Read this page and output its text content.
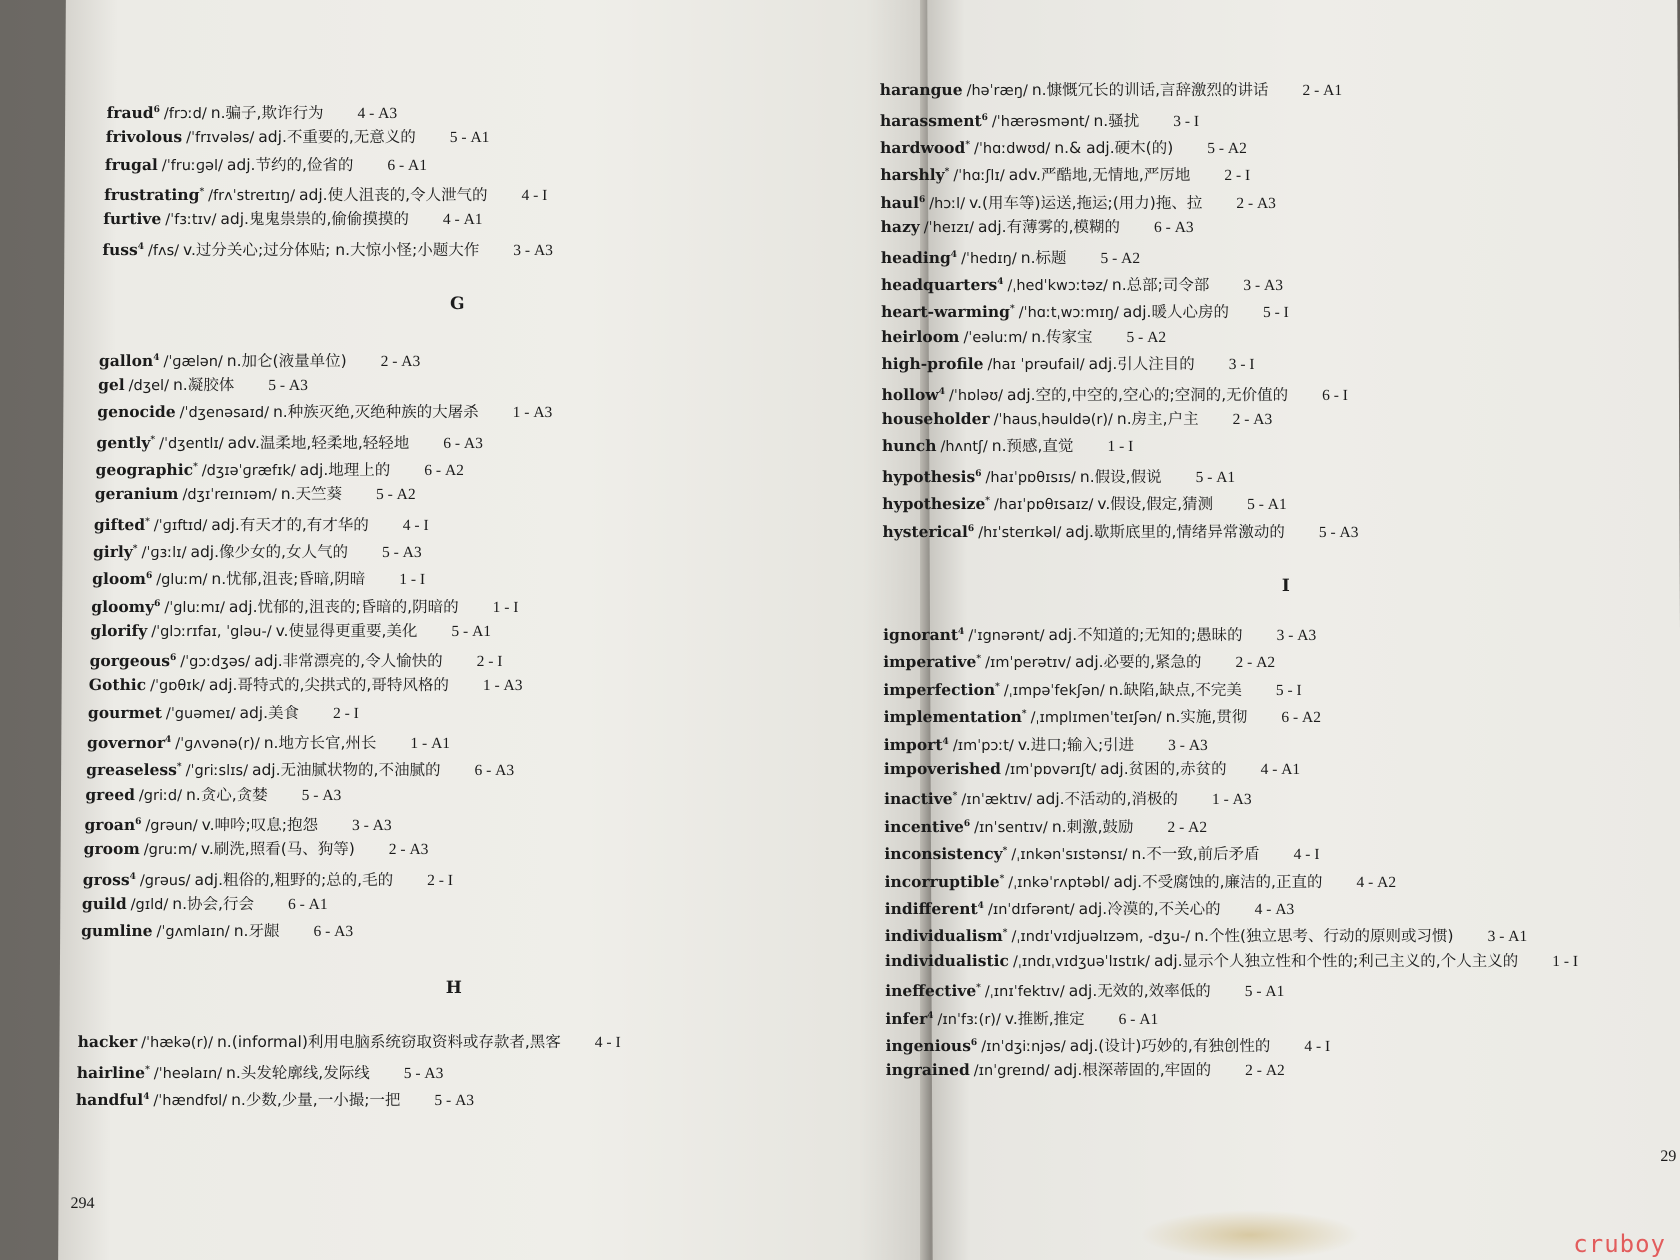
fraud$^6$ /frɔːd/ n.骗子,欺诈行为 4 - A3
frivolous /ˈfrɪvələs/ adj.不重要的,无意义的 5 - A1
frugal /ˈfruːɡəl/ adj.节约的,俭省的 6 - A1
frustrating* /frʌˈstreɪtɪŋ/ adj.使人沮丧的,令人泄气的 4 - I
furtive /ˈfɜːtɪv/ adj.鬼鬼祟祟的,偷偷摸摸的 4 - A1
fuss$^4$ /fʌs/ v.过分关心;过分体贴; n.大惊小怪;小题大作 3 - A3
G
gallon$^4$ /ˈɡælən/ n.加仑(液量单位) 2 - A3
gel /dʒel/ n.凝胶体 5 - A3
genocide /ˈdʒenəsaɪd/ n.种族灭绝,灭绝种族的大屠杀 1 - A3
gently* /ˈdʒentlɪ/ adv.温柔地,轻柔地,轻轻地 6 - A3
geographic* /dʒɪəˈɡræfɪk/ adj.地理上的 6 - A2
geranium /dʒɪˈreɪnɪəm/ n.天竺葵 5 - A2
gifted* /ˈɡɪftɪd/ adj.有天才的,有才华的 4 - I
girly* /ˈɡɜːlɪ/ adj.像少女的,女人气的 5 - A3
gloom$^6$ /gluːm/ n.忧郁,沮丧;昏暗,阴暗 1 - I
gloomy$^6$ /ˈgluːmɪ/ adj.忧郁的,沮丧的;昏暗的,阴暗的 1 - I
glorify /ˈglɔːrɪfaɪ, ˈglәu-/ v.使显得更重要,美化 5 - A1
gorgeous$^6$ /ˈgɔːdʒəs/ adj.非常漂亮的,令人愉快的 2 - I
Gothic /ˈgɒθɪk/ adj.哥特式的,尖拱式的,哥特风格的 1 - A3
gourmet /ˈguəmeɪ/ adj.美食 2 - I
governor$^4$ /ˈɡʌvənə(r)/ n.地方长官,州长 1 - A1
greaseless* /ˈgriːslɪs/ adj.无油腻状物的,不油腻的 6 - A3
greed /griːd/ n.贪心,贪婪 5 - A3
groan$^6$ /grəun/ v.呻吟;叹息;抱怨 3 - A3
groom /gruːm/ v.刷洗,照看(马、狗等) 2 - A3
gross$^4$ /grəus/ adj.粗俗的,粗野的;总的,毛的 2 - I
guild /gɪld/ n.协会,行会 6 - A1
gumline /ˈgʌmlaɪn/ n.牙龈 6 - A3
H
hacker /ˈhækə(r)/ n.(informal)利用电脑系统窃取资料或存款者,黑客 4 - I
hairline* /ˈheəlaɪn/ n.头发轮廓线,发际线 5 - A3
handful$^4$ /ˈhændfʊl/ n.少数,少量,一小撮;一把 5 - A3
294
harangue /həˈræŋ/ n.慷慨冗长的训话,言辞激烈的讲话 2 - A1
harassment$^6$ /ˈhærəsmənt/ n.骚扰 3 - I
hardwood* /ˈhɑːdwʊd/ n.& adj.硬木(的) 5 - A2
harshly* /ˈhɑːʃlɪ/ adv.严酷地,无情地,严厉地 2 - I
haul$^6$ /hɔːl/ v.(用车等)运送,拖运;(用力)拖、拉 2 - A3
hazy /ˈheɪzɪ/ adj.有薄雾的,模糊的 6 - A3
heading$^4$ /ˈhedɪŋ/ n.标题 5 - A2
headquarters$^4$ /ˌhedˈkwɔːtəz/ n.总部;司令部 3 - A3
heart-warming* /ˈhɑːtˌwɔːmɪŋ/ adj.暖人心房的 5 - I
heirloom /ˈeəluːm/ n.传家宝 5 - A2
high-profile /haɪ ˈprəufail/ adj.引人注目的 3 - I
hollow$^4$ /ˈhɒləʊ/ adj.空的,中空的,空心的;空洞的,无价值的 6 - I
householder /ˈhausˌhəuldə(r)/ n.房主,户主 2 - A3
hunch /hʌntʃ/ n.预感,直觉 1 - I
hypothesis$^6$ /haɪˈpɒθɪsɪs/ n.假设,假说 5 - A1
hypothesize* /haɪˈpɒθɪsaɪz/ v.假设,假定,猜测 5 - A1
hysterical$^6$ /hɪˈsterɪkəl/ adj.歇斯底里的,情绪异常激动的 5 - A3
I
ignorant$^4$ /ˈɪgnərənt/ adj.不知道的;无知的;愚昧的 3 - A3
imperative* /ɪmˈperətɪv/ adj.必要的,紧急的 2 - A2
imperfection* /ˌɪmpəˈfekʃən/ n.缺陷,缺点,不完美 5 - I
implementation* /ˌɪmplɪmenˈteɪʃən/ n.实施,贯彻 6 - A2
import$^4$ /ɪmˈpɔːt/ v.进口;输入;引进 3 - A3
impoverished /ɪmˈpɒvərɪʃt/ adj.贫困的,赤贫的 4 - A1
inactive* /ɪnˈæktɪv/ adj.不活动的,消极的 1 - A3
incentive$^6$ /ɪnˈsentɪv/ n.刺激,鼓励 2 - A2
inconsistency* /ˌɪnkənˈsɪstənsɪ/ n.不一致,前后矛盾 4 - I
incorruptible* /ˌɪnkəˈrʌptəbl/ adj.不受腐蚀的,廉洁的,正直的 4 - A2
indifferent$^4$ /ɪnˈdɪfərənt/ adj.冷漠的,不关心的 4 - A3
individualism* /ˌɪndɪˈvɪdjuəlɪzəm, -dʒu-/ n.个性(独立思考、行动的原则或习惯) 3 - A1
individualistic /ˌɪndɪˌvɪdʒuəˈlɪstɪk/ adj.显示个人独立性和个性的;利己主义的,个人主义的 1 - I
ineffective* /ˌɪnɪˈfektɪv/ adj.无效的,效率低的 5 - A1
infer$^4$ /ɪnˈfɜː(r)/ v.推断,推定 6 - A1
ingenious$^6$ /ɪnˈdʒiːnjəs/ adj.(设计)巧妙的,有独创性的 4 - I
ingrained /ɪnˈgreɪnd/ adj.根深蒂固的,牢固的 2 - A2
29
cruboy
